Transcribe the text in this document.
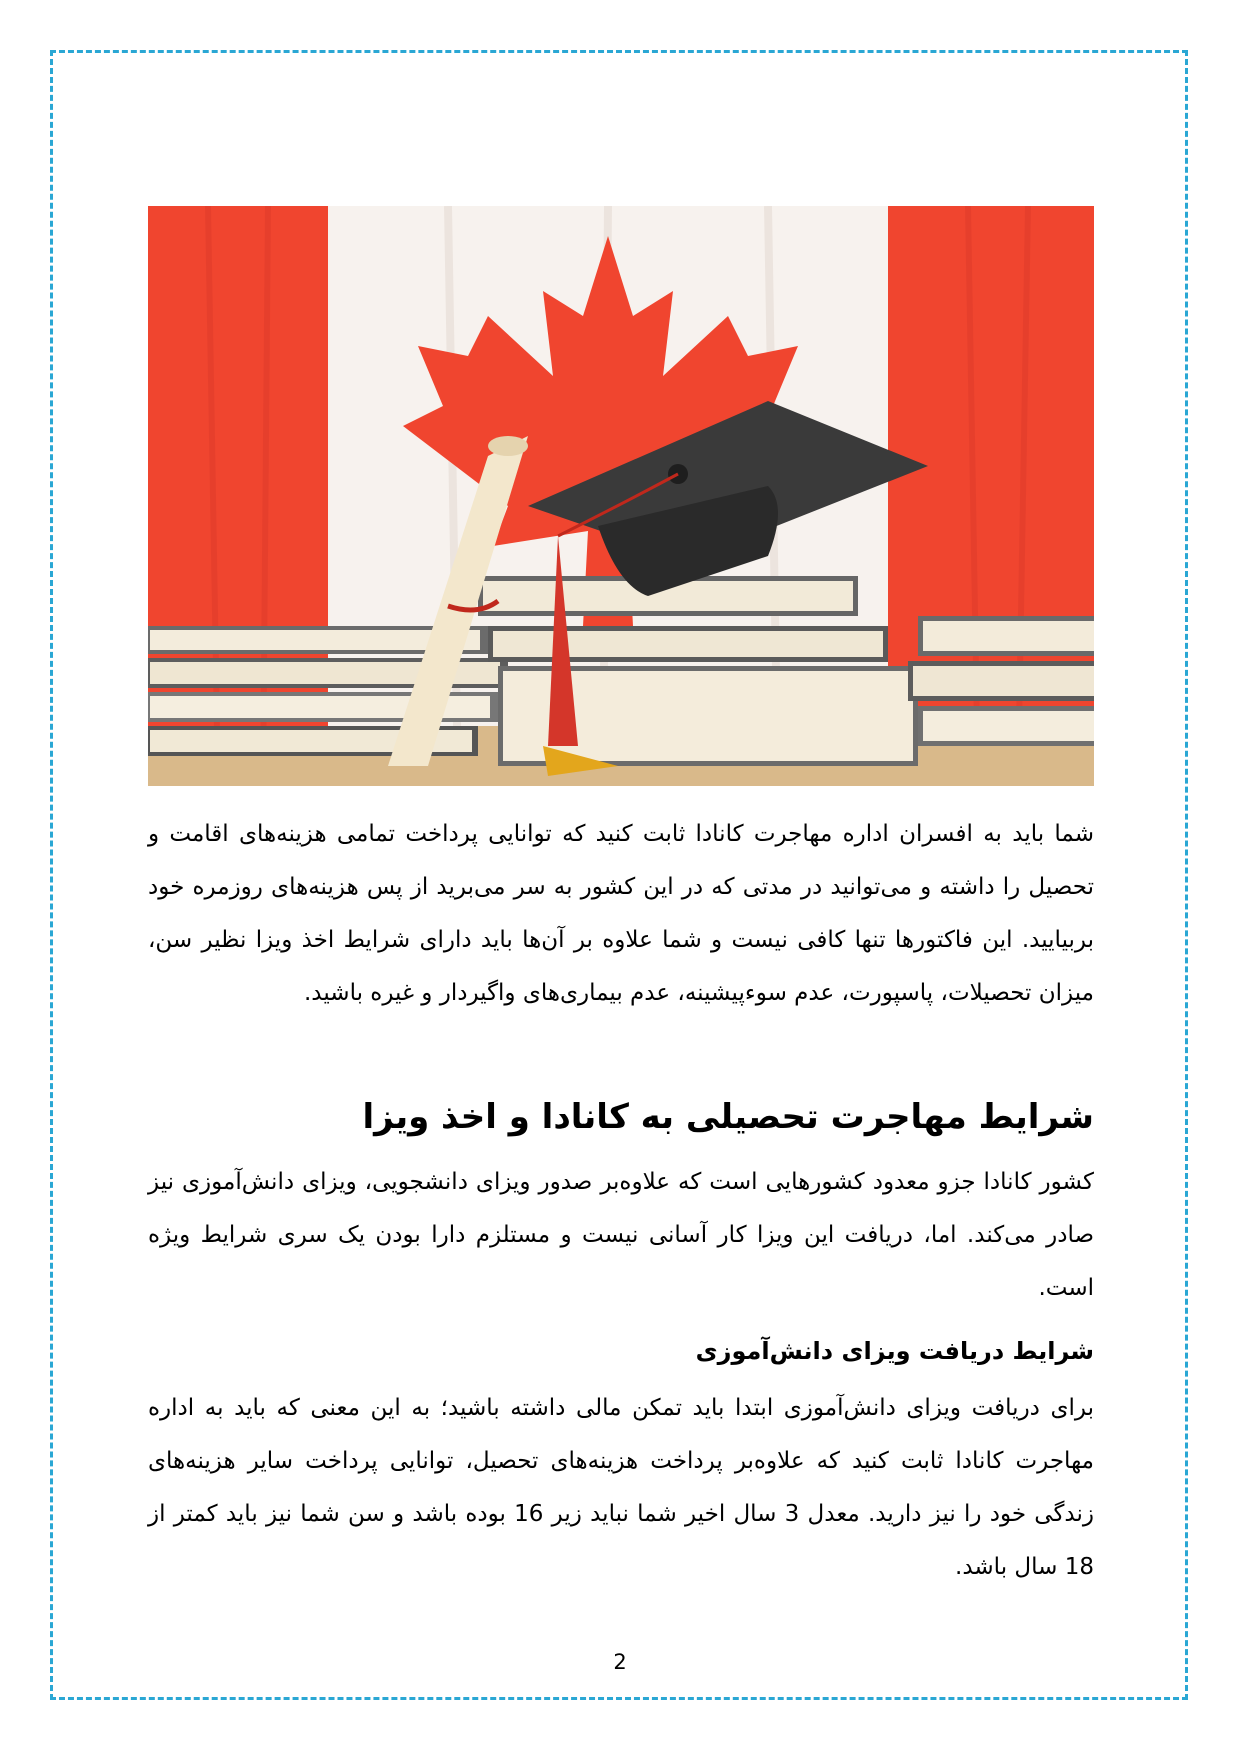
شما باید به افسران اداره مهاجرت کانادا ثابت کنید که توانایی پرداخت تمامی هزینه‌های اقامت و تحصیل را داشته و می‌توانید در مدتی که در این کشور به سر می‌برید از پس هزینه‌های روزمره خود بربیایید. این فاکتورها تنها کافی نیست و شما علاوه بر آن‌ها باید دارای شرایط اخذ ویزا نظیر سن، میزان تحصیلات، پاسپورت، عدم سوءپیشینه، عدم بیماری‌های واگیردار و غیره باشید.

شرایط مهاجرت تحصیلی به کانادا و اخذ ویزا

کشور کانادا جزو معدود کشورهایی است که علاوه‌بر صدور ویزای دانشجویی، ویزای دانش‌آموزی نیز صادر می‌کند. اما، دریافت این ویزا کار آسانی نیست و مستلزم دارا بودن یک سری شرایط ویژه است.

شرایط دریافت ویزای دانش‌آموزی

برای دریافت ویزای دانش‌آموزی ابتدا باید تمکن مالی داشته باشید؛ به این معنی که باید به اداره مهاجرت کانادا ثابت کنید که علاوه‌بر پرداخت هزینه‌های تحصیل، توانایی پرداخت سایر هزینه‌های زندگی خود را نیز دارید. معدل 3 سال اخیر شما نباید زیر 16 بوده باشد و سن شما نیز باید کمتر از 18 سال باشد.

2
